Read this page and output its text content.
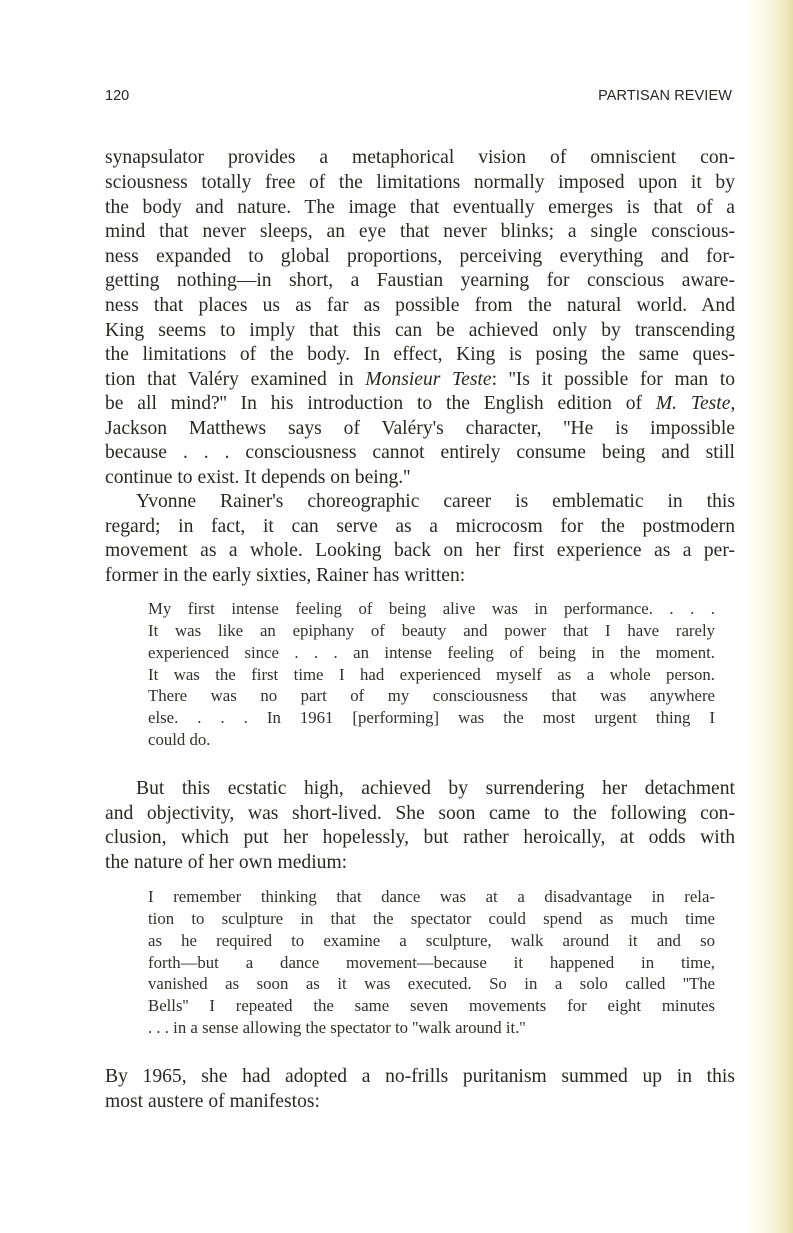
120	PARTISAN REVIEW
synapsulator provides a metaphorical vision of omniscient con-
sciousness totally free of the limitations normally imposed upon it by
the body and nature. The image that eventually emerges is that of a
mind that never sleeps, an eye that never blinks; a single conscious-
ness expanded to global proportions, perceiving everything and for-
getting nothing—in short, a Faustian yearning for conscious aware-
ness that places us as far as possible from the natural world. And
King seems to imply that this can be achieved only by transcending
the limitations of the body. In effect, King is posing the same ques-
tion that Valéry examined in Monsieur Teste: ''Is it possible for man to
be all mind?'' In his introduction to the English edition of M. Teste,
Jackson Matthews says of Valéry's character, ''He is impossible
because . . . consciousness cannot entirely consume being and still
continue to exist. It depends on being.''
Yvonne Rainer's choreographic career is emblematic in this
regard; in fact, it can serve as a microcosm for the postmodern
movement as a whole. Looking back on her first experience as a per-
former in the early sixties, Rainer has written:
My first intense feeling of being alive was in performance. . . .
It was like an epiphany of beauty and power that I have rarely
experienced since . . . an intense feeling of being in the moment.
It was the first time I had experienced myself as a whole person.
There was no part of my consciousness that was anywhere
else. . . . In 1961 [performing] was the most urgent thing I
could do.
But this ecstatic high, achieved by surrendering her detachment
and objectivity, was short-lived. She soon came to the following con-
clusion, which put her hopelessly, but rather heroically, at odds with
the nature of her own medium:
I remember thinking that dance was at a disadvantage in rela-
tion to sculpture in that the spectator could spend as much time
as he required to examine a sculpture, walk around it and so
forth—but a dance movement—because it happened in time,
vanished as soon as it was executed. So in a solo called ''The
Bells'' I repeated the same seven movements for eight minutes
. . . in a sense allowing the spectator to ''walk around it.''
By 1965, she had adopted a no-frills puritanism summed up in this
most austere of manifestos:
